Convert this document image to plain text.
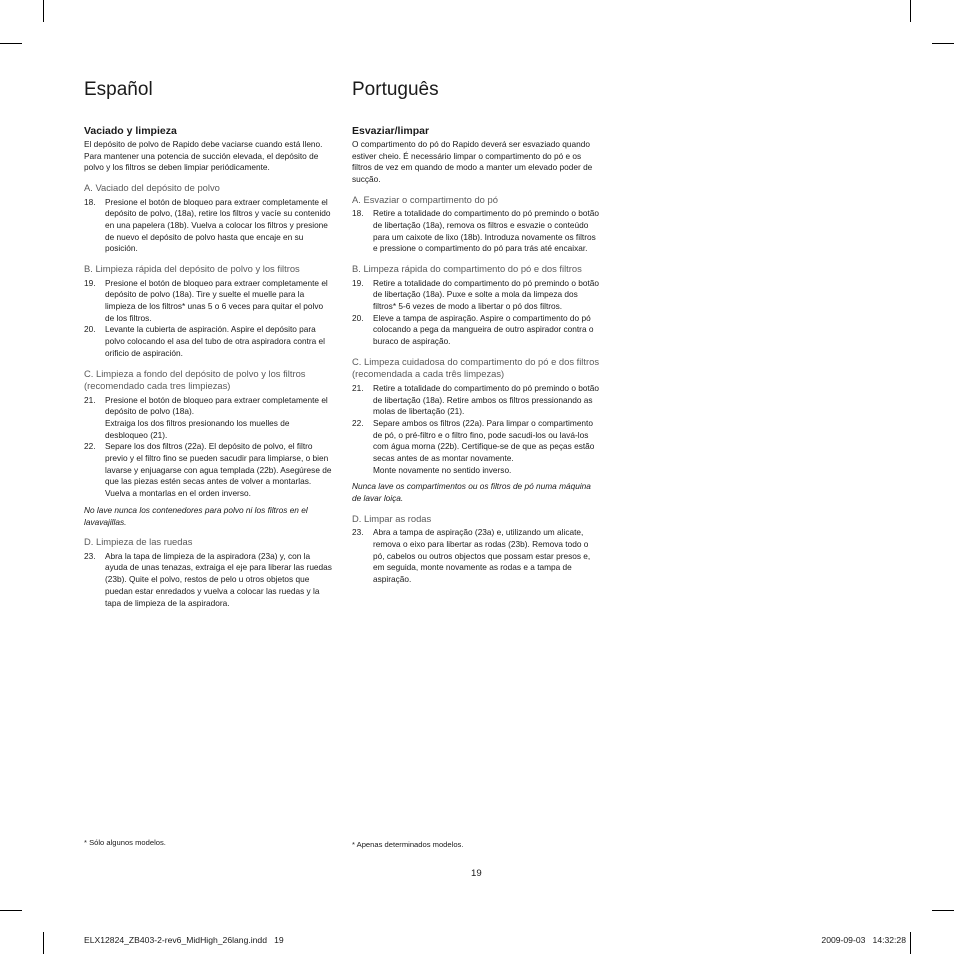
Español
Vaciado y limpieza
El depósito de polvo de Rapido debe vaciarse cuando está lleno. Para mantener una potencia de succión elevada, el depósito de polvo y los filtros se deben limpiar periódicamente.
A. Vaciado del depósito de polvo
18.	Presione el botón de bloqueo para extraer completamente el depósito de polvo, (18a), retire los filtros y vacíe su contenido en una papelera (18b). Vuelva a colocar los filtros y presione de nuevo el depósito de polvo hasta que encaje en su posición.
B. Limpieza rápida del depósito de polvo y los filtros
19.	Presione el botón de bloqueo para extraer completamente el depósito de polvo (18a). Tire y suelte el muelle para la limpieza de los filtros* unas 5 o 6 veces para quitar el polvo de los filtros.
20.	Levante la cubierta de aspiración. Aspire el depósito para polvo colocando el asa del tubo de otra aspiradora contra el orificio de aspiración.
C. Limpieza a fondo del depósito de polvo y los filtros (recomendado cada tres limpiezas)
21.	Presione el botón de bloqueo para extraer completamente el depósito de polvo (18a).
Extraiga los dos filtros presionando los muelles de desbloqueo (21).
22.	Separe los dos filtros (22a). El depósito de polvo, el filtro previo y el filtro fino se pueden sacudir para limpiarse, o bien lavarse y enjuagarse con agua templada (22b). Asegúrese de que las piezas estén secas antes de volver a montarlas.
Vuelva a montarlas en el orden inverso.
No lave nunca los contenedores para polvo ni los filtros en el lavavajillas.
D. Limpieza de las ruedas
23.	Abra la tapa de limpieza de la aspiradora (23a) y, con la ayuda de unas tenazas, extraiga el eje para liberar las ruedas (23b). Quite el polvo, restos de pelo u otros objetos que puedan estar enredados y vuelva a colocar las ruedas y la tapa de limpieza de la aspiradora.
Português
Esvaziar/limpar
O compartimento do pó do Rapido deverá ser esvaziado quando estiver cheio. É necessário limpar o compartimento do pó e os filtros de vez em quando de modo a manter um elevado poder de sucção.
A. Esvaziar o compartimento do pó
18.	Retire a totalidade do compartimento do pó premindo o botão de libertação (18a), remova os filtros e esvazie o conteúdo para um caixote de lixo (18b). Introduza novamente os filtros e pressione o compartimento do pó para trás até encaixar.
B. Limpeza rápida do compartimento do pó e dos filtros
19.	Retire a totalidade do compartimento do pó premindo o botão de libertação (18a). Puxe e solte a mola da limpeza dos filtros* 5-6 vezes de modo a libertar o pó dos filtros.
20.	Eleve a tampa de aspiração. Aspire o compartimento do pó colocando a pega da mangueira de outro aspirador contra o buraco de aspiração.
C. Limpeza cuidadosa do compartimento do pó e dos filtros (recomendada a cada três limpezas)
21.	Retire a totalidade do compartimento do pó premindo o botão de libertação (18a). Retire ambos os filtros pressionando as molas de libertação (21).
22.	Separe ambos os filtros (22a). Para limpar o compartimento de pó, o pré-filtro e o filtro fino, pode sacudi-los ou lavá-los com água morna (22b). Certifique-se de que as peças estão secas antes de as montar novamente.
Monte novamente no sentido inverso.
Nunca lave os compartimentos ou os filtros de pó numa máquina de lavar loiça.
D. Limpar as rodas
23.	Abra a tampa de aspiração (23a) e, utilizando um alicate, remova o eixo para libertar as rodas (23b). Remova todo o pó, cabelos ou outros objectos que possam estar presos e, em seguida, monte novamente as rodas e a tampa de aspiração.
* Sólo algunos modelos.	* Apenas determinados modelos.
19
ELX12824_ZB403-2-rev6_MidHigh_26lang.indd   19	2009-09-03   14:32:28
